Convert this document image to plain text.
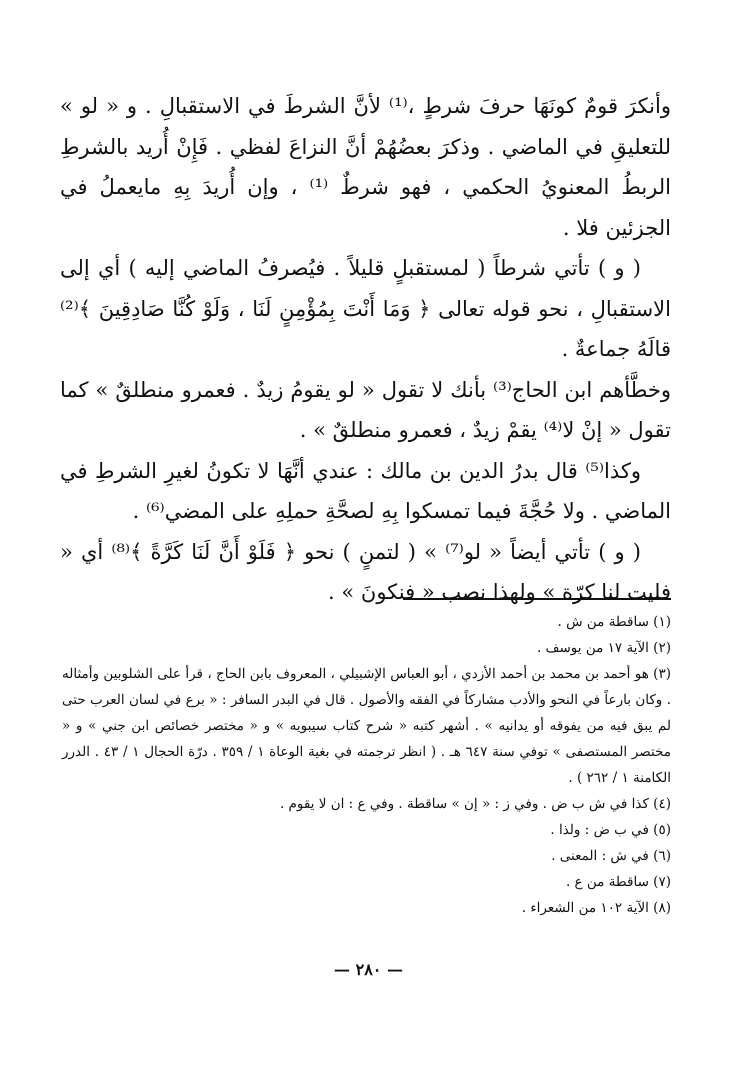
وأنكرَ قومٌ كونَهَا حرفَ شرطٍ ،⁽¹⁾ لأنَّ الشرطَ في الاستقبالِ . و « لو » للتعليقِ في الماضي . وذكرَ بعضُهُمْ أنَّ النزاعَ لفظي . فَإِنْ أُريد بالشرطِ الربطُ المعنويُ الحكمي ، فهو شرطٌ ⁽¹⁾ ، وإن أُريدَ بِهِ مايعملُ في الجزئين فلا .

( و ) تأتي شرطاً ( لمستقبلٍ قليلاً . فيُصرفُ الماضي إليه ) أي إلى الاستقبالِ ، نحو قوله تعالى ﴿ وَمَا أَنْتَ بِمُؤْمِنٍ لَنَا ، وَلَوْ كُنَّا صَادِقِينَ ﴾⁽²⁾ قالَهُ جماعةٌ .

وخطَّأهم ابن الحاج⁽³⁾ بأنك لا تقول « لو يقومُ زيدٌ . فعمرو منطلقٌ » كما تقول « إنْ لا⁽⁴⁾ يقمْ زيدٌ ، فعمرو منطلقٌ » .

وكذا⁽⁵⁾ قال بدرُ الدين بن مالك : عندي أنَّهَا لا تكونُ لغيرِ الشرطِ في الماضي . ولا حُجَّةَ فيما تمسكوا بِهِ لصحَّةِ حملِهِ على المضي⁽⁶⁾ .

( و ) تأتي أيضاً « لو⁽⁷⁾ » ( لتمنٍ ) نحو ﴿ فَلَوْ أَنَّ لَنَا كَرَّةً ﴾⁽⁸⁾ أي « فليت لنا كرّة » ولهذا نصب « فنكونَ » .

(١) ساقطة من ش .

(٢) الآية ١٧ من يوسف .

(٣) هو أحمد بن محمد بن أحمد الأزدي ، أبو العباس الإشبيلي ، المعروف بابن الحاج ، قرأ على الشلوبين وأمثاله . وكان بارعاً في النحو والأدب مشاركاً في الفقه والأصول . قال في البدر السافر : « برع في لسان العرب حتى لم يبق فيه من يفوقه أو يدانيه » . أشهر كتبه « شرح كتاب سيبويه » و « مختصر خصائص ابن جني » و « مختصر المستصفى » توفي سنة ٦٤٧ هـ . ( انظر ترجمته في بغية الوعاة ١ / ٣٥٩ . درّة الحجال ١ / ٤٣ . الدرر الكامنة ١ / ٢٦٢ ) .

(٤) كذا في ش ب ض . وفي ز : « إن » ساقطة . وفي ع : ان لا يقوم .

(٥) في ب ض : ولذا .

(٦) في ش : المعنى .

(٧) ساقطة من ع .

(٨) الآية ١٠٢ من الشعراء .

— ٢٨٠ —
